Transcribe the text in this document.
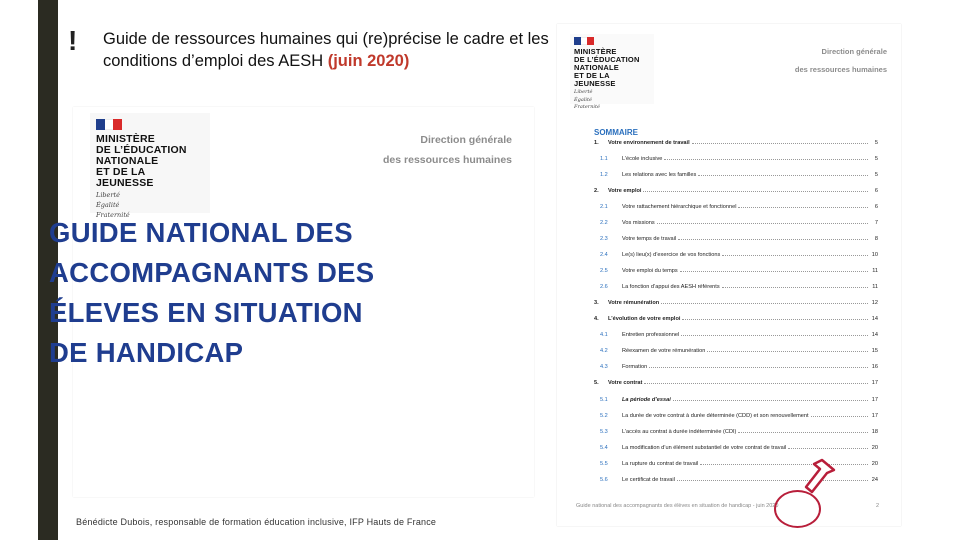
! Guide de ressources humaines qui (re)précise le cadre et les conditions d’emploi des AESH (juin 2020)
MINISTÈRE
DE L’ÉDUCATION
NATIONALE
ET DE LA JEUNESSE
Liberté
Égalité
Fraternité
Direction générale
des ressources humaines
GUIDE NATIONAL DES
ACCOMPAGNANTS DES
ÉLEVES EN SITUATION
DE HANDICAP
Bénédicte Dubois, responsable de formation éducation inclusive, IFP Hauts de France
MINISTÈRE
DE L’ÉDUCATION
NATIONALE
ET DE LA JEUNESSE
Liberté
Égalité
Fraternité
Direction générale
des ressources humaines
SOMMAIRE
1.	Votre environnement de travail	5
1.1	L’école inclusive	5
1.2	Les relations avec les familles	5
2.	Votre emploi	6
2.1	Votre rattachement hiérarchique et fonctionnel	6
2.2	Vos missions	7
2.3	Votre temps de travail	8
2.4	Le(s) lieu(x) d’exercice de vos fonctions	10
2.5	Votre emploi du temps	11
2.6	La fonction d’appui des AESH référents	11
3.	Votre rémunération	12
4.	L’évolution de votre emploi	14
4.1	Entretien professionnel	14
4.2	Réexamen de votre rémunération	15
4.3	Formation	16
5.	Votre contrat	17
5.1	La période d’essai	17
5.2	La durée de votre contrat à durée déterminée (CDD) et son renouvellement	17
5.3	L’accès au contrat à durée indéterminée (CDI)	18
5.4	La modification d’un élément substantiel de votre contrat de travail	20
5.5	La rupture du contrat de travail	20
5.6	Le certificat de travail	24
Guide national des accompagnants des élèves en situation de handicap - juin 2020	2
